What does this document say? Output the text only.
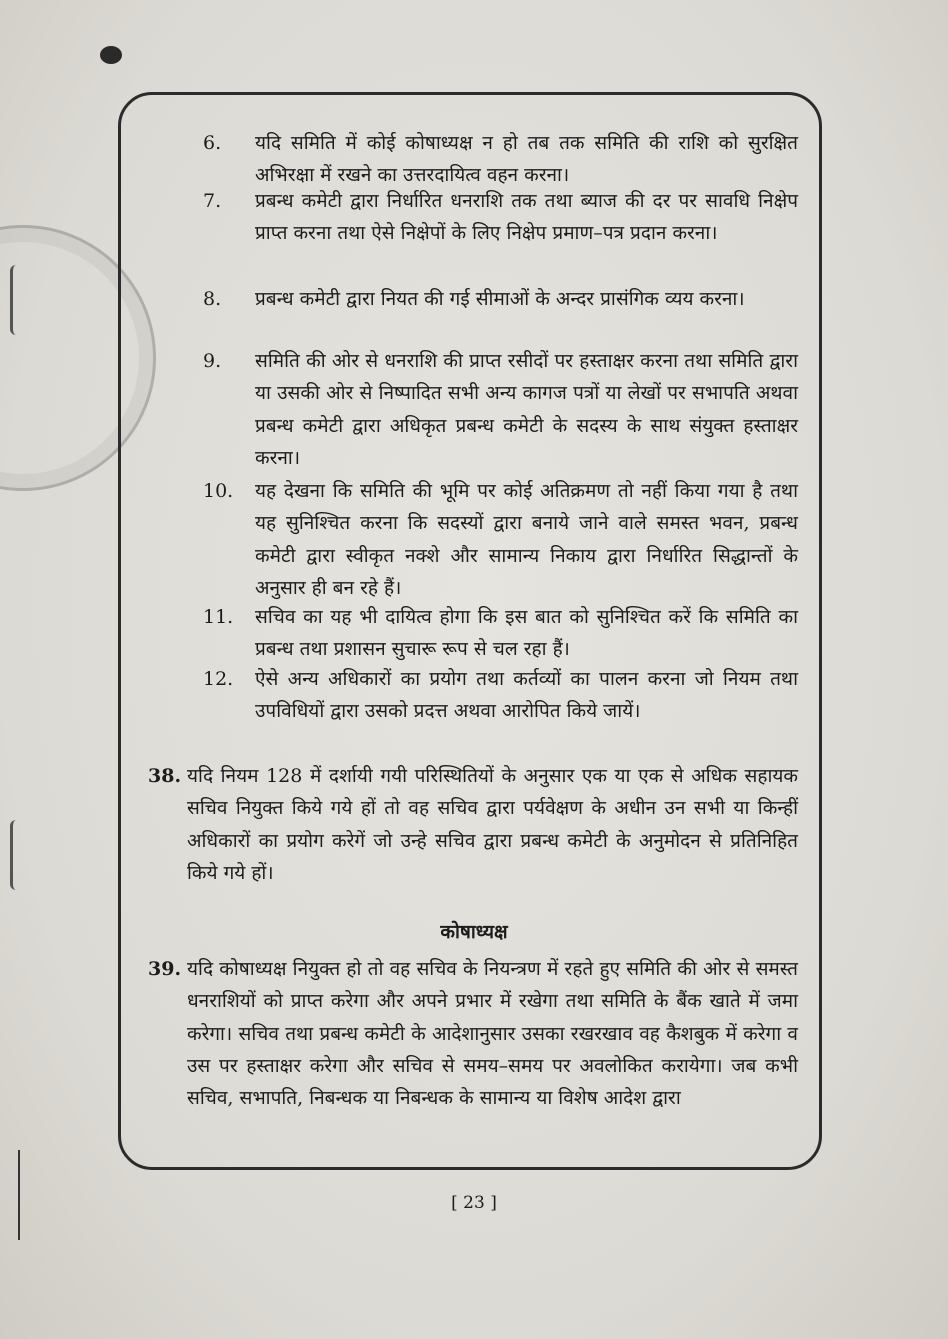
6. यदि समिति में कोई कोषाध्यक्ष न हो तब तक समिति की राशि को सुरक्षित अभिरक्षा में रखने का उत्तरदायित्व वहन करना।
7. प्रबन्ध कमेटी द्वारा निर्धारित धनराशि तक तथा ब्याज की दर पर सावधि निक्षेप प्राप्त करना तथा ऐसे निक्षेपों के लिए निक्षेप प्रमाण–पत्र प्रदान करना।
8. प्रबन्ध कमेटी द्वारा नियत की गई सीमाओं के अन्दर प्रासंगिक व्यय करना।
9. समिति की ओर से धनराशि की प्राप्त रसीदों पर हस्ताक्षर करना तथा समिति द्वारा या उसकी ओर से निष्पादित सभी अन्य कागज पत्रों या लेखों पर सभापति अथवा प्रबन्ध कमेटी द्वारा अधिकृत प्रबन्ध कमेटी के सदस्य के साथ संयुक्त हस्ताक्षर करना।
10. यह देखना कि समिति की भूमि पर कोई अतिक्रमण तो नहीं किया गया है तथा यह सुनिश्चित करना कि सदस्यों द्वारा बनाये जाने वाले समस्त भवन, प्रबन्ध कमेटी द्वारा स्वीकृत नक्शे और सामान्य निकाय द्वारा निर्धारित सिद्धान्तों के अनुसार ही बन रहे हैं।
11. सचिव का यह भी दायित्व होगा कि इस बात को सुनिश्चित करें कि समिति का प्रबन्ध तथा प्रशासन सुचारू रूप से चल रहा हैं।
12. ऐसे अन्य अधिकारों का प्रयोग तथा कर्तव्यों का पालन करना जो नियम तथा उपविधियों द्वारा उसको प्रदत्त अथवा आरोपित किये जायें।
38. यदि नियम 128 में दर्शायी गयी परिस्थितियों के अनुसार एक या एक से अधिक सहायक सचिव नियुक्त किये गये हों तो वह सचिव द्वारा पर्यवेक्षण के अधीन उन सभी या किन्हीं अधिकारों का प्रयोग करेगें जो उन्हे सचिव द्वारा प्रबन्ध कमेटी के अनुमोदन से प्रतिनिहित किये गये हों।
कोषाध्यक्ष
39. यदि कोषाध्यक्ष नियुक्त हो तो वह सचिव के नियन्त्रण में रहते हुए समिति की ओर से समस्त धनराशियों को प्राप्त करेगा और अपने प्रभार में रखेगा तथा समिति के बैंक खाते में जमा करेगा। सचिव तथा प्रबन्ध कमेटी के आदेशानुसार उसका रखरखाव वह कैशबुक में करेगा व उस पर हस्ताक्षर करेगा और सचिव से समय–समय पर अवलोकित करायेगा। जब कभी सचिव, सभापति, निबन्धक या निबन्धक के सामान्य या विशेष आदेश द्वारा
[ 23 ]
